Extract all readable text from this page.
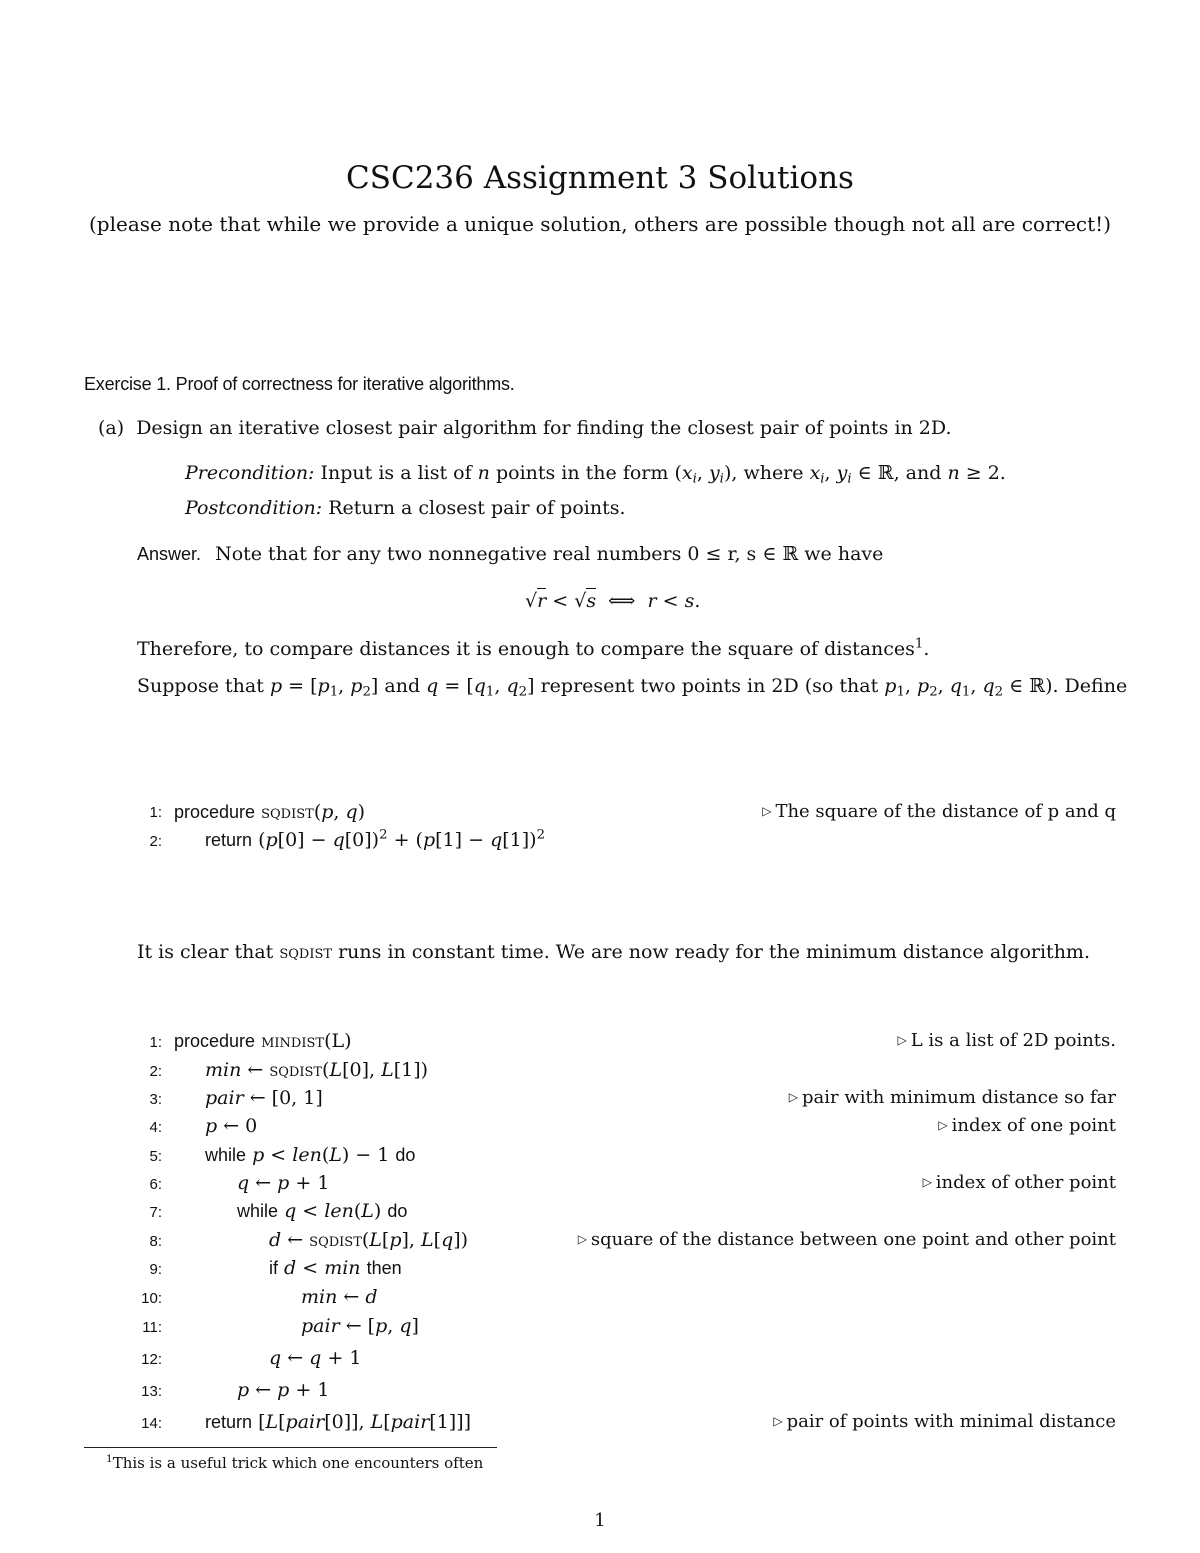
CSC236 Assignment 3 Solutions
(please note that while we provide a unique solution, others are possible though not all are correct!)
Exercise 1. Proof of correctness for iterative algorithms.
(a) Design an iterative closest pair algorithm for finding the closest pair of points in 2D.
Precondition: Input is a list of n points in the form ($x_i$, $y_i$), where $x_i$, $y_i$ ∈ ℝ, and n ≥ 2.
Postcondition: Return a closest pair of points.
Answer. Note that for any two nonnegative real numbers 0 ≤ r, s ∈ ℝ we have
√r < √s  ⟺  r < s.
Therefore, to compare distances it is enough to compare the square of distances$^1$.
Suppose that $p = [p_1$, $p_2$] and $q = [q_1$, $q_2$] represent two points in 2D (so that $p_1$, $p_2$, $q_1$, $q_2$ ∈ ℝ). Define
1: procedure sqdist(p, q)	▷ The square of the distance of p and q
2: return $(p[0] - q[0])^2 + (p[1] - q[1])^2$
It is clear that sqdist runs in constant time. We are now ready for the minimum distance algorithm.
1: procedure mindist(L)	▷ L is a list of 2D points.
2: min ← sqdist(L[0], L[1])
3: pair ← [0, 1]	▷ pair with minimum distance so far
4: p ← 0	▷ index of one point
5: while p < len(L) − 1 do
6:	q ← p + 1	▷ index of other point
7:	while q < len(L) do
8:	d ← sqdist(L[p], L[q])	▷ square of the distance between one point and other point
9:	if d < min then
10:	min ← d
11:	pair ← [p, q]
12:	q ← q + 1
13:	p ← p + 1
14: return [L[pair[0]], L[pair[1]]]	▷ pair of points with minimal distance
$^1$This is a useful trick which one encounters often
1
